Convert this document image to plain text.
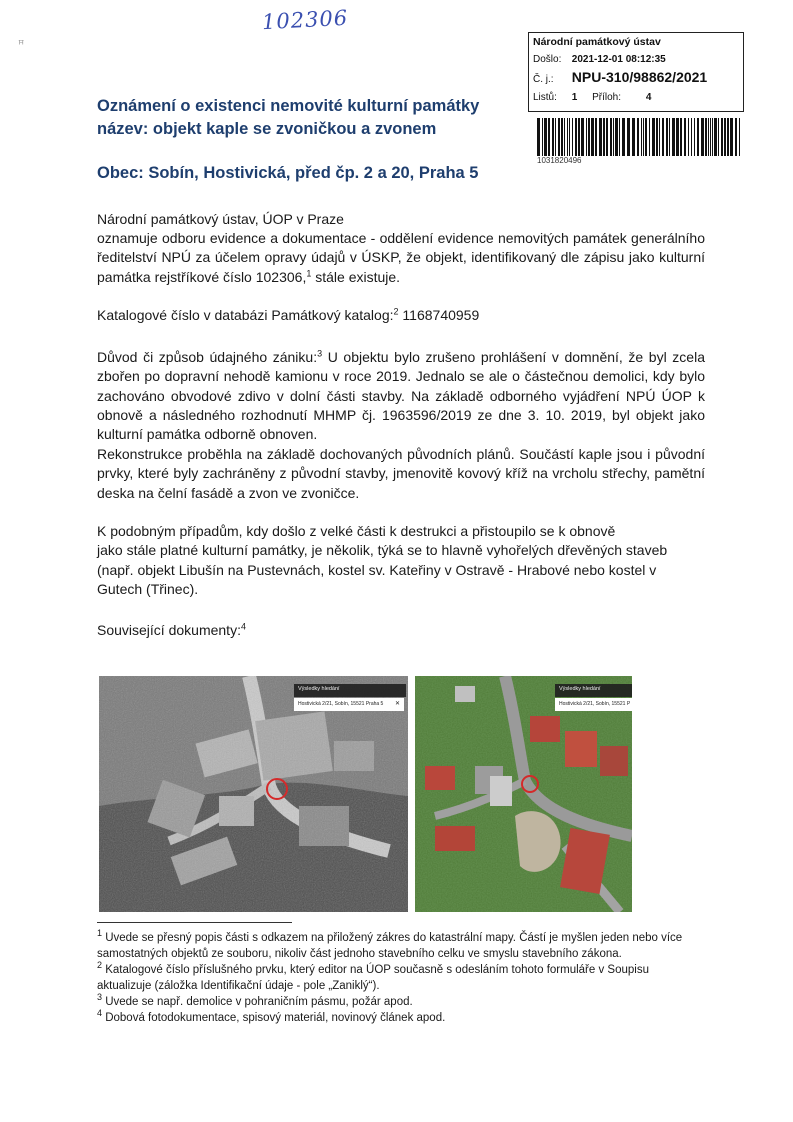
102306
ꟸ	Národní památkový ústav
Došlo: 2021-12-01 08:12:35
Č. j.: NPU-310/98862/2021
Listů: 1 Příloh: 4
1031820496
Oznámení o existenci nemovité kulturní památky
název: objekt kaple se zvoničkou a zvonem
Obec: Sobín, Hostivická, před čp. 2 a 20, Praha 5
Národní památkový ústav, ÚOP v Praze
oznamuje odboru evidence a dokumentace - oddělení evidence nemovitých památek generálního ředitelství NPÚ za účelem opravy údajů v ÚSKP, že objekt, identifikovaný dle zápisu jako kulturní památka rejstříkové číslo 102306,$^1$ stále existuje.
Katalogové číslo v databázi Památkový katalog:$^2$ 1168740959
Důvod či způsob údajného zániku:$^3$ U objektu bylo zrušeno prohlášení v domnění, že byl zcela zbořen po dopravní nehodě kamionu v roce 2019. Jednalo se ale o částečnou demolici, kdy bylo zachováno obvodové zdivo v dolní části stavby. Na základě odborného vyjádření NPÚ ÚOP k obnově a následného rozhodnutí MHMP čj. 1963596/2019 ze dne 3. 10. 2019, byl objekt jako kulturní památka odborně obnoven.
Rekonstrukce proběhla na základě dochovaných původních plánů. Součástí kaple jsou i původní prvky, které byly zachráněny z původní stavby, jmenovitě kovový kříž na vrcholu střechy, pamětní deska na čelní fasádě a zvon ve zvoničce.
K podobným případům, kdy došlo z velké části k destrukci a přistoupilo se k obnově
jako stále platné kulturní památky, je několik, týká se to hlavně vyhořelých dřevěných staveb
(např. objekt Libušín na Pustevnách, kostel sv. Kateřiny v Ostravě - Hrabové nebo kostel v
Gutech (Třinec).
Související dokumenty:$^4$
Výsledky hledání
Hostivická 2/21, Sobín, 15521 Praha 5 ✕
Výsledky hledání
Hostivická 2/21, Sobín, 15521 P

$^1$ Uvede se přesný popis části s odkazem na přiložený zákres do katastrální mapy. Částí je myšlen jeden nebo více samostatných objektů ze souboru, nikoliv část jednoho stavebního celku ve smyslu stavebního zákona.

$^2$ Katalogové číslo příslušného prvku, který editor na ÚOP současně s odesláním tohoto formuláře v Soupisu aktualizuje (záložka Identifikační údaje - pole „Zaniklý“).

$^3$ Uvede se např. demolice v pohraničním pásmu, požár apod.

$^4$ Dobová fotodokumentace, spisový materiál, novinový článek apod.
